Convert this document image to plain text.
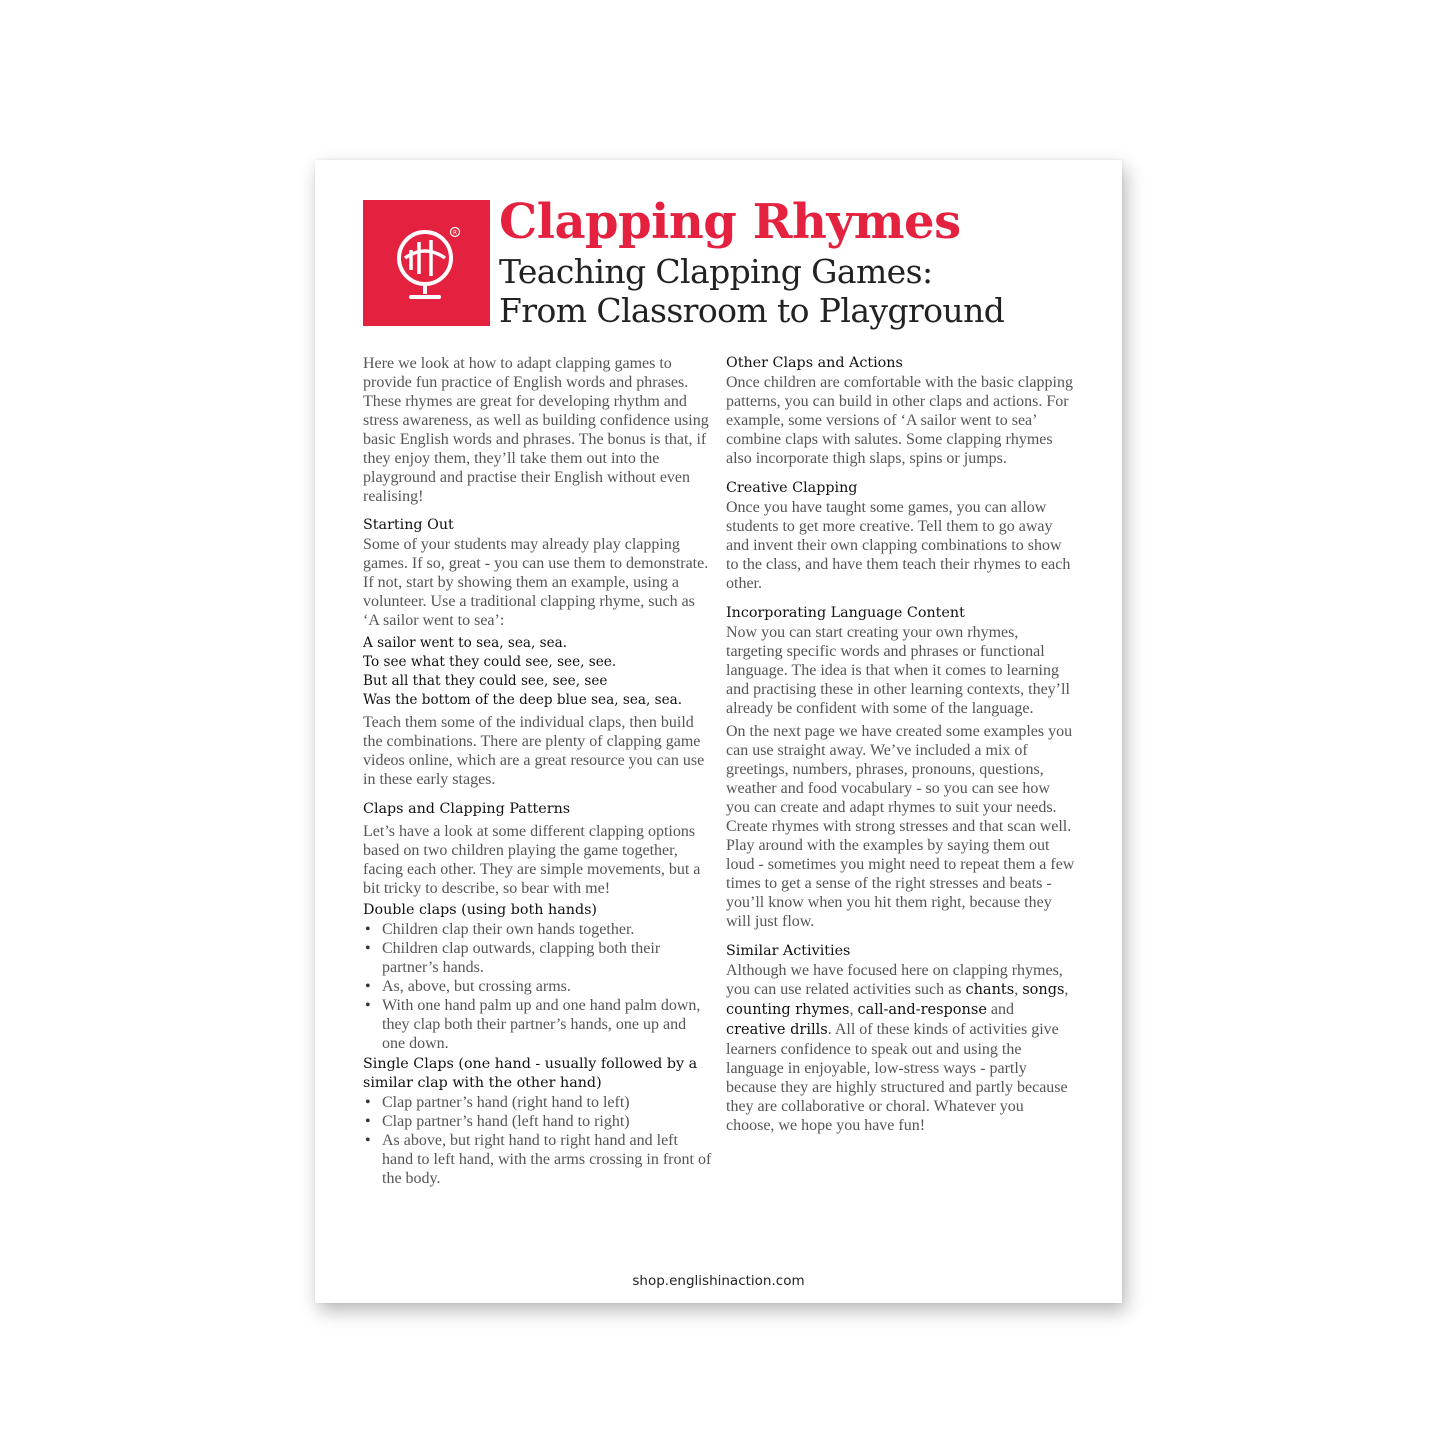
R Clapping Rhymes
Teaching Clapping Games:
From Classroom to Playground

Here we look at how to adapt clapping games to provide fun practice of English words and phrases. These rhymes are great for developing rhythm and stress awareness, as well as building confidence using basic English words and phrases. The bonus is that, if they enjoy them, they’ll take them out into the playground and practise their English without even realising!

Starting Out

Some of your students may already play clapping games. If so, great - you can use them to demonstrate. If not, start by showing them an example, using a volunteer. Use a traditional clapping rhyme, such as ‘A sailor went to sea’:

A sailor went to sea, sea, sea.
To see what they could see, see, see.
But all that they could see, see, see
Was the bottom of the deep blue sea, sea, sea.

Teach them some of the individual claps, then build the combinations. There are plenty of clapping game videos online, which are a great resource you can use in these early stages.

Claps and Clapping Patterns

Let’s have a look at some different clapping options based on two children playing the game together, facing each other. They are simple movements, but a bit tricky to describe, so bear with me!

Double claps (using both hands)
• Children clap their own hands together.
• Children clap outwards, clapping both their partner’s hands.
• As, above, but crossing arms.
• With one hand palm up and one hand palm down, they clap both their partner’s hands, one up and one down.
Single Claps (one hand - usually followed by a similar clap with the other hand)
• Clap partner’s hand (right hand to left)
• Clap partner’s hand (left hand to right)
• As above, but right hand to right hand and left hand to left hand, with the arms crossing in front of the body.
Other Claps and Actions

Once children are comfortable with the basic clapping patterns, you can build in other claps and actions. For example, some versions of ‘A sailor went to sea’ combine claps with salutes. Some clapping rhymes also incorporate thigh slaps, spins or jumps.

Creative Clapping

Once you have taught some games, you can allow students to get more creative. Tell them to go away and invent their own clapping combinations to show to the class, and have them teach their rhymes to each other.

Incorporating Language Content

Now you can start creating your own rhymes, targeting specific words and phrases or functional language. The idea is that when it comes to learning and practising these in other learning contexts, they’ll already be confident with some of the language.

On the next page we have created some examples you can use straight away. We’ve included a mix of greetings, numbers, phrases, pronouns, questions, weather and food vocabulary - so you can see how you can create and adapt rhymes to suit your needs. Create rhymes with strong stresses and that scan well. Play around with the examples by saying them out loud - sometimes you might need to repeat them a few times to get a sense of the right stresses and beats - you’ll know when you hit them right, because they will just flow.

Similar Activities

Although we have focused here on clapping rhymes, you can use related activities such as chants, songs, counting rhymes, call-and-response and creative drills. All of these kinds of activities give learners confidence to speak out and using the language in enjoyable, low-stress ways - partly because they are highly structured and partly because they are collaborative or choral. Whatever you choose, we hope you have fun!

shop.englishinaction.com
